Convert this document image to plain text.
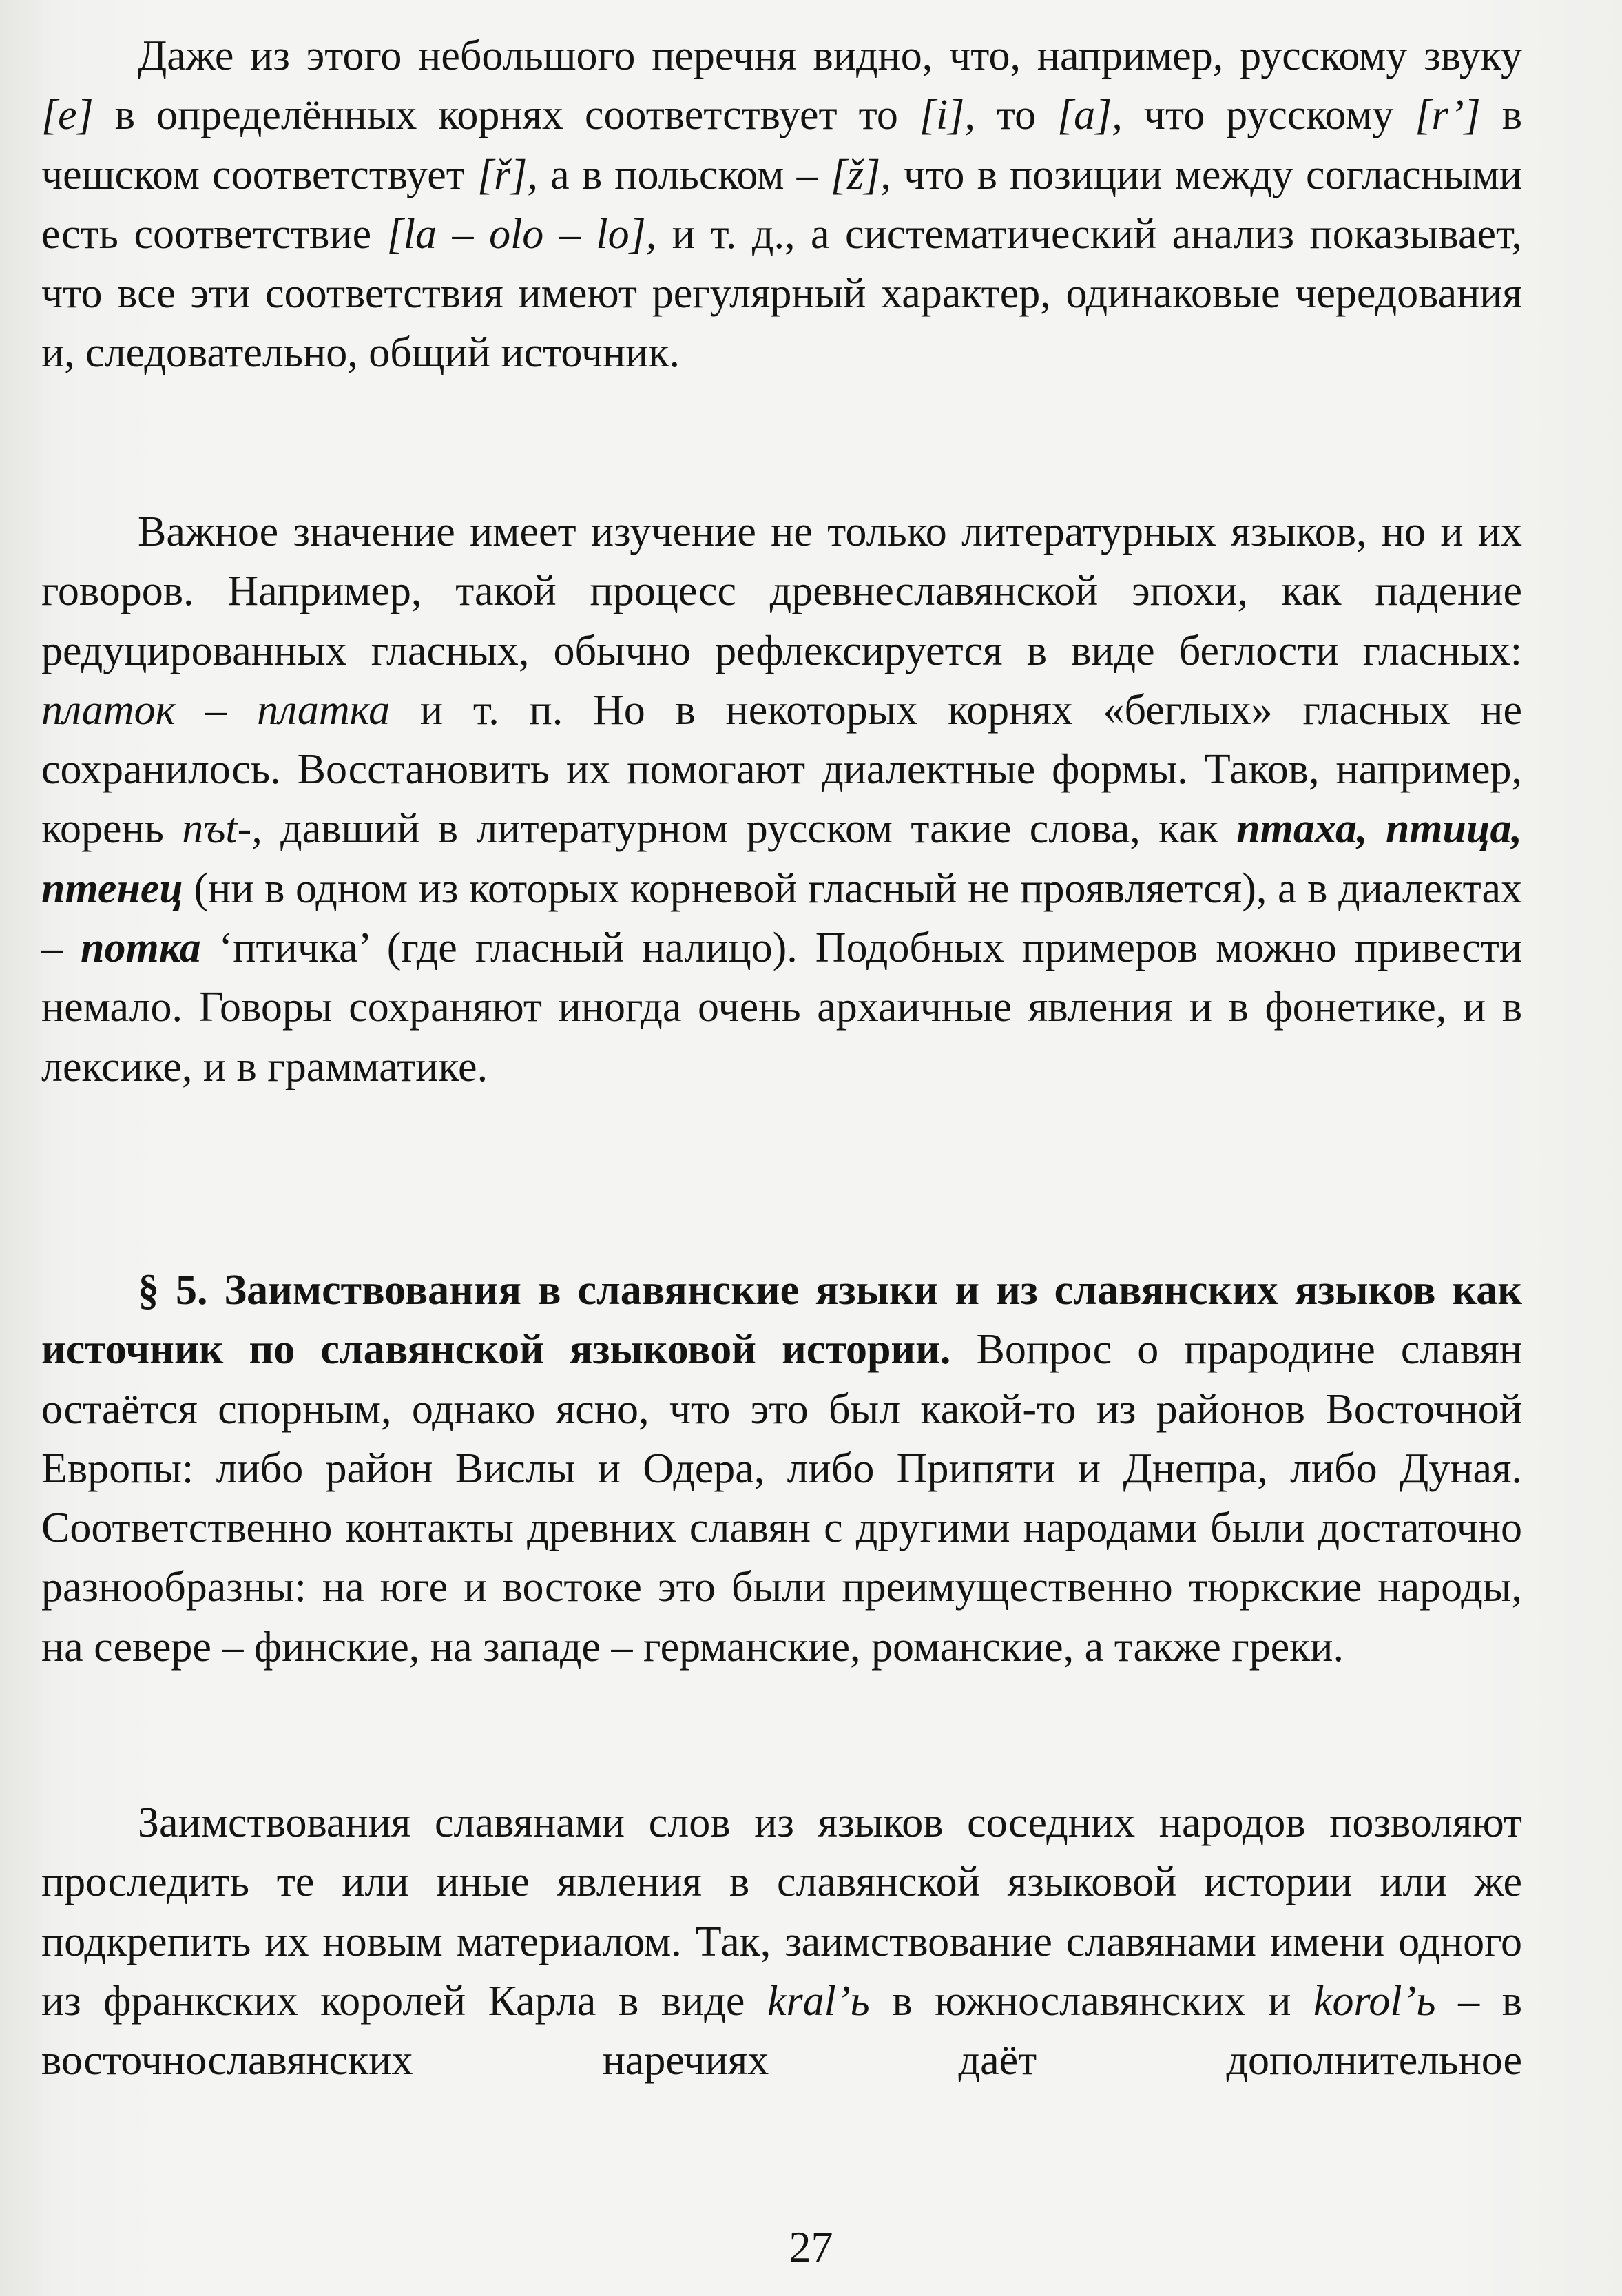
Даже из этого небольшого перечня видно, что, например, русскому звуку [e] в определённых корнях соответствует то [i], то [a], что русскому [r’] в чешском соответствует [ř], а в польском – [ž], что в позиции между согласными есть соответствие [la – olo – lo], и т. д., а систематический анализ показывает, что все эти соответствия имеют регулярный характер, одинаковые чередования и, следовательно, общий источник.

Важное значение имеет изучение не только литературных языков, но и их говоров. Например, такой процесс древнеславянской эпохи, как падение редуцированных гласных, обычно рефлексируется в виде беглости гласных: платок – платка и т. п. Но в некоторых корнях «беглых» гласных не сохранилось. Восстановить их помогают диалектные формы. Таков, например, корень пъt-, давший в литературном русском такие слова, как птаха, птица, птенец (ни в одном из которых корневой гласный не проявляется), а в диалектах – потка ‘птичка’ (где гласный налицо). Подобных примеров можно привести немало. Говоры сохраняют иногда очень архаичные явления и в фонетике, и в лексике, и в грамматике.

§ 5. Заимствования в славянские языки и из славянских языков как источник по славянской языковой истории. Вопрос о прародине славян остаётся спорным, однако ясно, что это был какой-то из районов Восточной Европы: либо район Вислы и Одера, либо Припяти и Днепра, либо Дуная. Соответственно контакты древних славян с другими народами были достаточно разнообразны: на юге и востоке это были преимущественно тюркские народы, на севере – финские, на западе – германские, романские, а также греки.

Заимствования славянами слов из языков соседних народов позволяют проследить те или иные явления в славянской языковой истории или же подкрепить их новым материалом. Так, заимствование славянами имени одного из франкских королей Карла в виде kral’ь в южнославянских и korol’ь – в восточнославянских наречиях даёт дополнительное

27
